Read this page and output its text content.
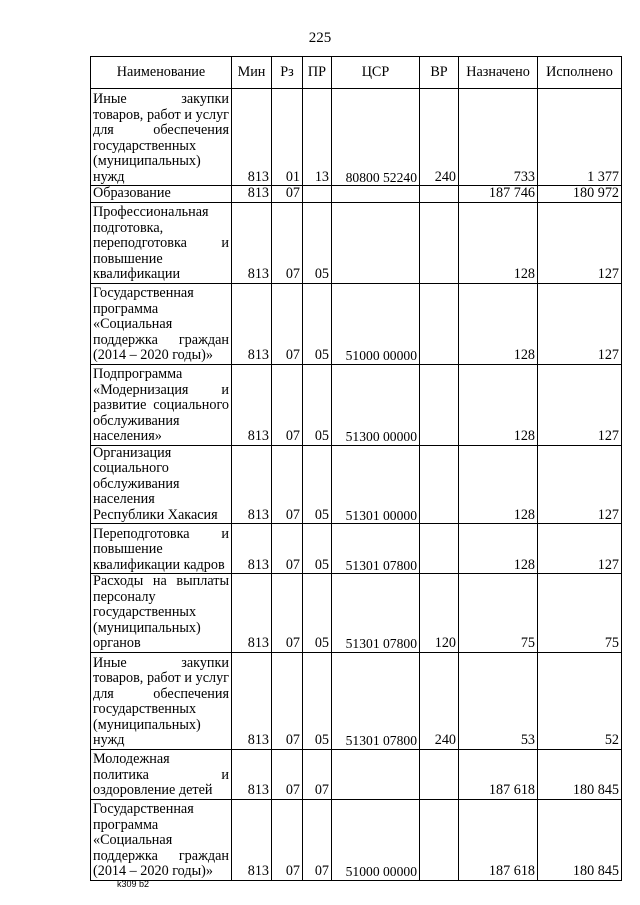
225
Наименование	Мин	Рз	ПР	ЦСР	ВР	Назначено	Исполнено
Иные закупки товаров, работ и услуг для обеспечения государственных (муниципальных) нужд	813	01	13	80800 52240	240	733	1 377
Образование	813	07				187 746	180 972
Профессиональная подготовка, переподготовка и повышение квалификации	813	07	05			128	127
Государственная программа «Социальная поддержка граждан (2014 – 2020 годы)»	813	07	05	51000 00000		128	127
Подпрограмма «Модернизация и развитие социального обслуживания населения»	813	07	05	51300 00000		128	127
Организация социального обслуживания населения Республики Хакасия	813	07	05	51301 00000		128	127
Переподготовка и повышение квалификации кадров	813	07	05	51301 07800		128	127
Расходы на выплаты персоналу государственных (муниципальных) органов	813	07	05	51301 07800	120	75	75
Иные закупки товаров, работ и услуг для обеспечения государственных (муниципальных) нужд	813	07	05	51301 07800	240	53	52
Молодежная политика и оздоровление детей	813	07	07			187 618	180 845
Государственная программа «Социальная поддержка граждан (2014 – 2020 годы)»	813	07	07	51000 00000		187 618	180 845
k309 b2
